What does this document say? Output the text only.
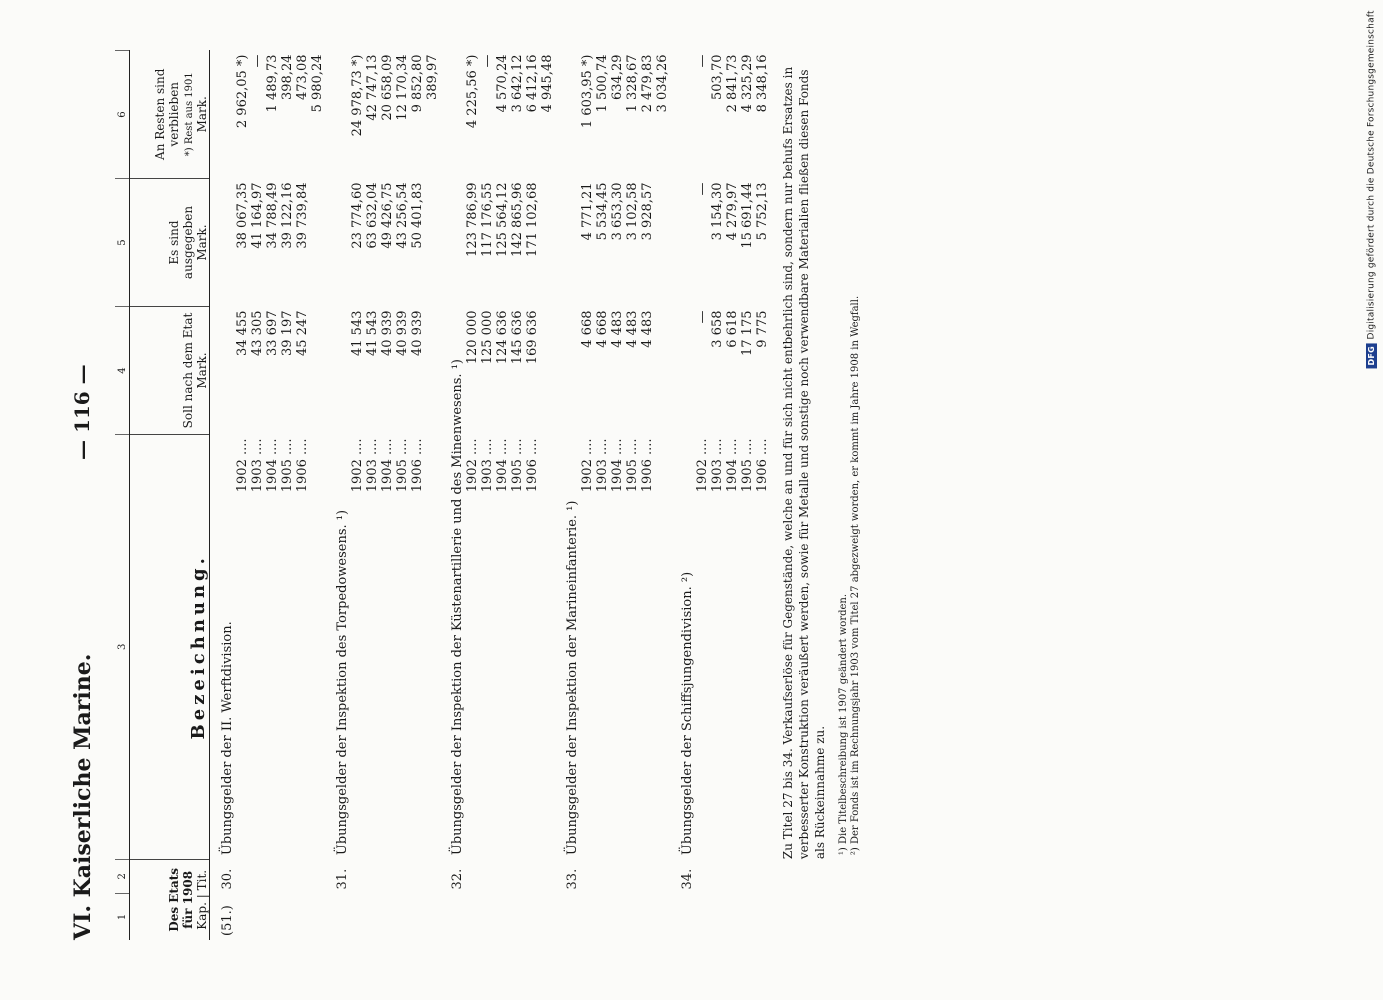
DFG
Digitalisierung gefördert durch die Deutsche Forschungsgemeinschaft
VI. Kaiserliche Marine.
— 116 —
1	2	3		4	5	6
Des Etats für 1908
Kap. | Tit.		Bezeichnung.		Soll nach dem Etat
Mark.	Es sind ausgegeben
Mark.	An Resten sind verblieben *) Rest aus 1901
Mark.
(51.)	30.	Übungsgelder der II. Werftdivision.				
			1902 ....	34 455	38 067,35	2 962,05 *)
			1903 ....	43 305	41 164,97	—
			1904 ....	33 697	34 788,49	1 489,73
			1905 ....	39 197	39 122,16	398,24
			1906 ....	45 247	39 739,84	473,08
						5 980,24
	31.	Übungsgelder der Inspektion des Torpedowesens. ¹)				
			1902 ....	41 543	23 774,60	24 978,73 *)
			1903 ....	41 543	63 632,04	42 747,13
			1904 ....	40 939	49 426,75	20 658,09
			1905 ....	40 939	43 256,54	12 170,34
			1906 ....	40 939	50 401,83	9 852,80
						389,97
	32.	Übungsgelder der Inspektion der Küstenartillerie und des Minenwesens. ¹)				
			1902 ....	120 000	123 786,99	4 225,56 *)
			1903 ....	125 000	117 176,55	—
			1904 ....	124 636	125 564,12	4 570,24
			1905 ....	145 636	142 865,96	3 642,12
			1906 ....	169 636	171 102,68	6 412,16
						4 945,48
	33.	Übungsgelder der Inspektion der Marineinfanterie. ¹)				
			1902 ....	4 668	4 771,21	1 603,95 *)
			1903 ....	4 668	5 534,45	1 500,74
			1904 ....	4 483	3 653,30	634,29
			1905 ....	4 483	3 102,58	1 328,67
			1906 ....	4 483	3 928,57	2 479,83
						3 034,26
	34.	Übungsgelder der Schiffsjungendivision. ²)				
			1902 ....	—	—	—
			1903 ....	3 658	3 154,30	503,70
			1904 ....	6 618	4 279,97	2 841,73
			1905 ....	17 175	15 691,44	4 325,29
			1906 ....	9 775	5 752,13	8 348,16
		Zu Titel 27 bis 34. Verkaufserlöse für Gegenstände, welche an und für sich nicht entbehrlich sind, sondern nur behufs Ersatzes in verbesserter Konstruktion veräußert werden, sowie für Metalle und sonstige noch verwendbare Materialien fließen diesen Fonds als Rückeinnahme zu.				

		¹) Die Titelbeschreibung ist 1907 geändert worden. ²) Der Fonds ist im Rechnungsjahr 1903 vom Titel 27 abgezweigt worden, er kommt im Jahre 1908 in Wegfall.				
